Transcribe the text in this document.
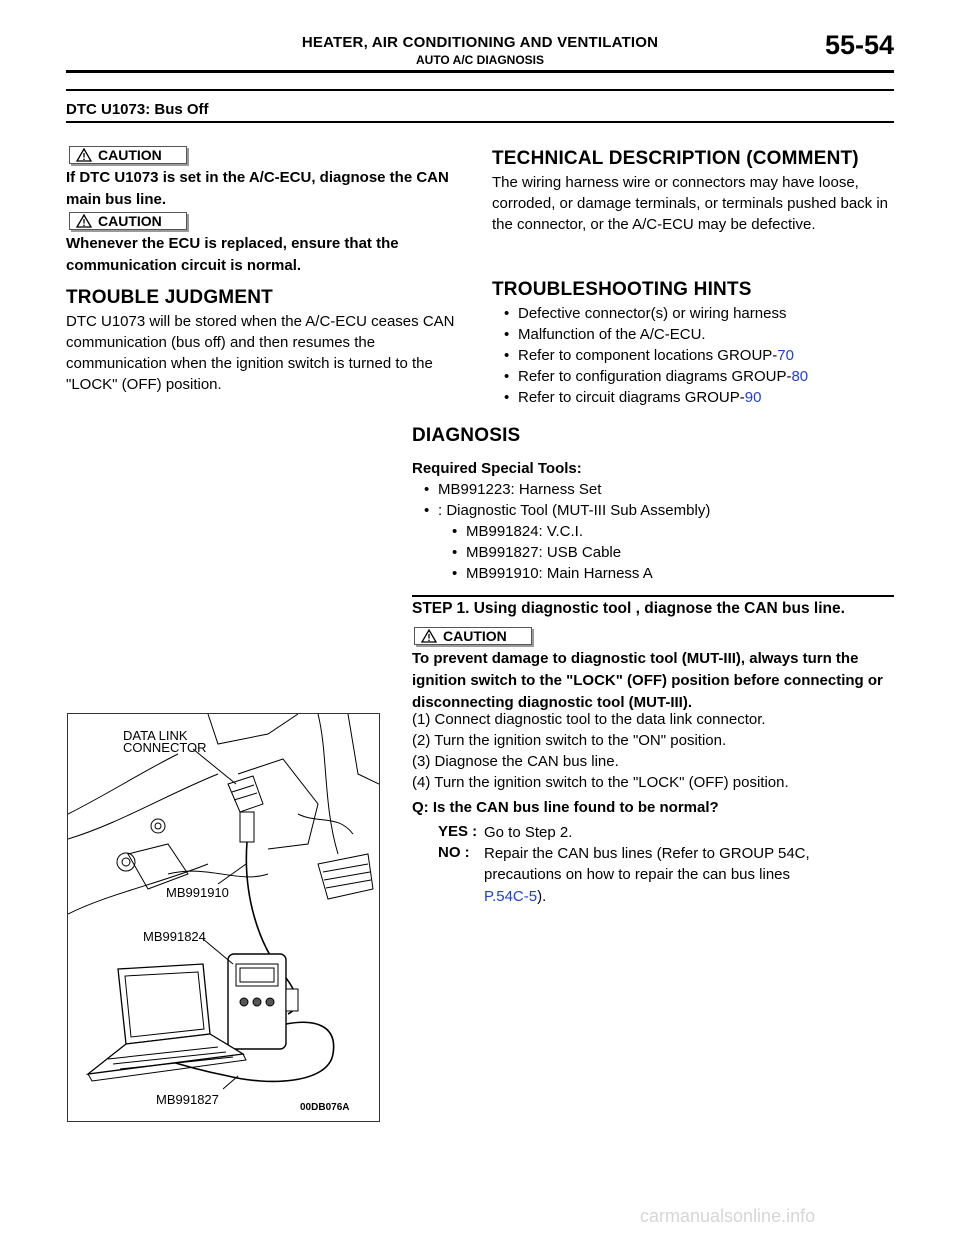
HEATER, AIR CONDITIONING AND VENTILATION
AUTO A/C DIAGNOSIS	55-54
DTC U1073: Bus Off
CAUTION
If DTC U1073 is set in the A/C-ECU, diagnose the CAN main bus line.
CAUTION
Whenever the ECU is replaced, ensure that the communication circuit is normal.
TROUBLE JUDGMENT
DTC U1073 will be stored when the A/C-ECU ceases CAN communication (bus off) and then resumes the communication when the ignition switch is turned to the "LOCK" (OFF) position.
TECHNICAL DESCRIPTION (COMMENT)
The wiring harness wire or connectors may have loose, corroded, or damage terminals, or terminals pushed back in the connector, or the A/C-ECU may be defective.
TROUBLESHOOTING HINTS
• Defective connector(s) or wiring harness
• Malfunction of the A/C-ECU.
• Refer to component locations GROUP-70
• Refer to configuration diagrams GROUP-80
• Refer to circuit diagrams GROUP-90
DIAGNOSIS
Required Special Tools:
• MB991223: Harness Set
• : Diagnostic Tool (MUT-III Sub Assembly)
• MB991824: V.C.I.
• MB991827: USB Cable
• MB991910: Main Harness A
STEP 1. Using diagnostic tool , diagnose the CAN bus line.
CAUTION
To prevent damage to diagnostic tool (MUT-III), always turn the ignition switch to the "LOCK" (OFF) position before connecting or disconnecting diagnostic tool (MUT-III).
(1) Connect diagnostic tool to the data link connector.
(2) Turn the ignition switch to the "ON" position.
(3) Diagnose the CAN bus line.
(4) Turn the ignition switch to the "LOCK" (OFF) position.
Q: Is the CAN bus line found to be normal?
YES : Go to Step 2.
NO : Repair the CAN bus lines (Refer to GROUP 54C, precautions on how to repair the can bus lines
P.54C-5).
DATA LINK
CONNECTOR
MB991910
MB991824
MB991827
00DB076A
carmanualsonline.info
